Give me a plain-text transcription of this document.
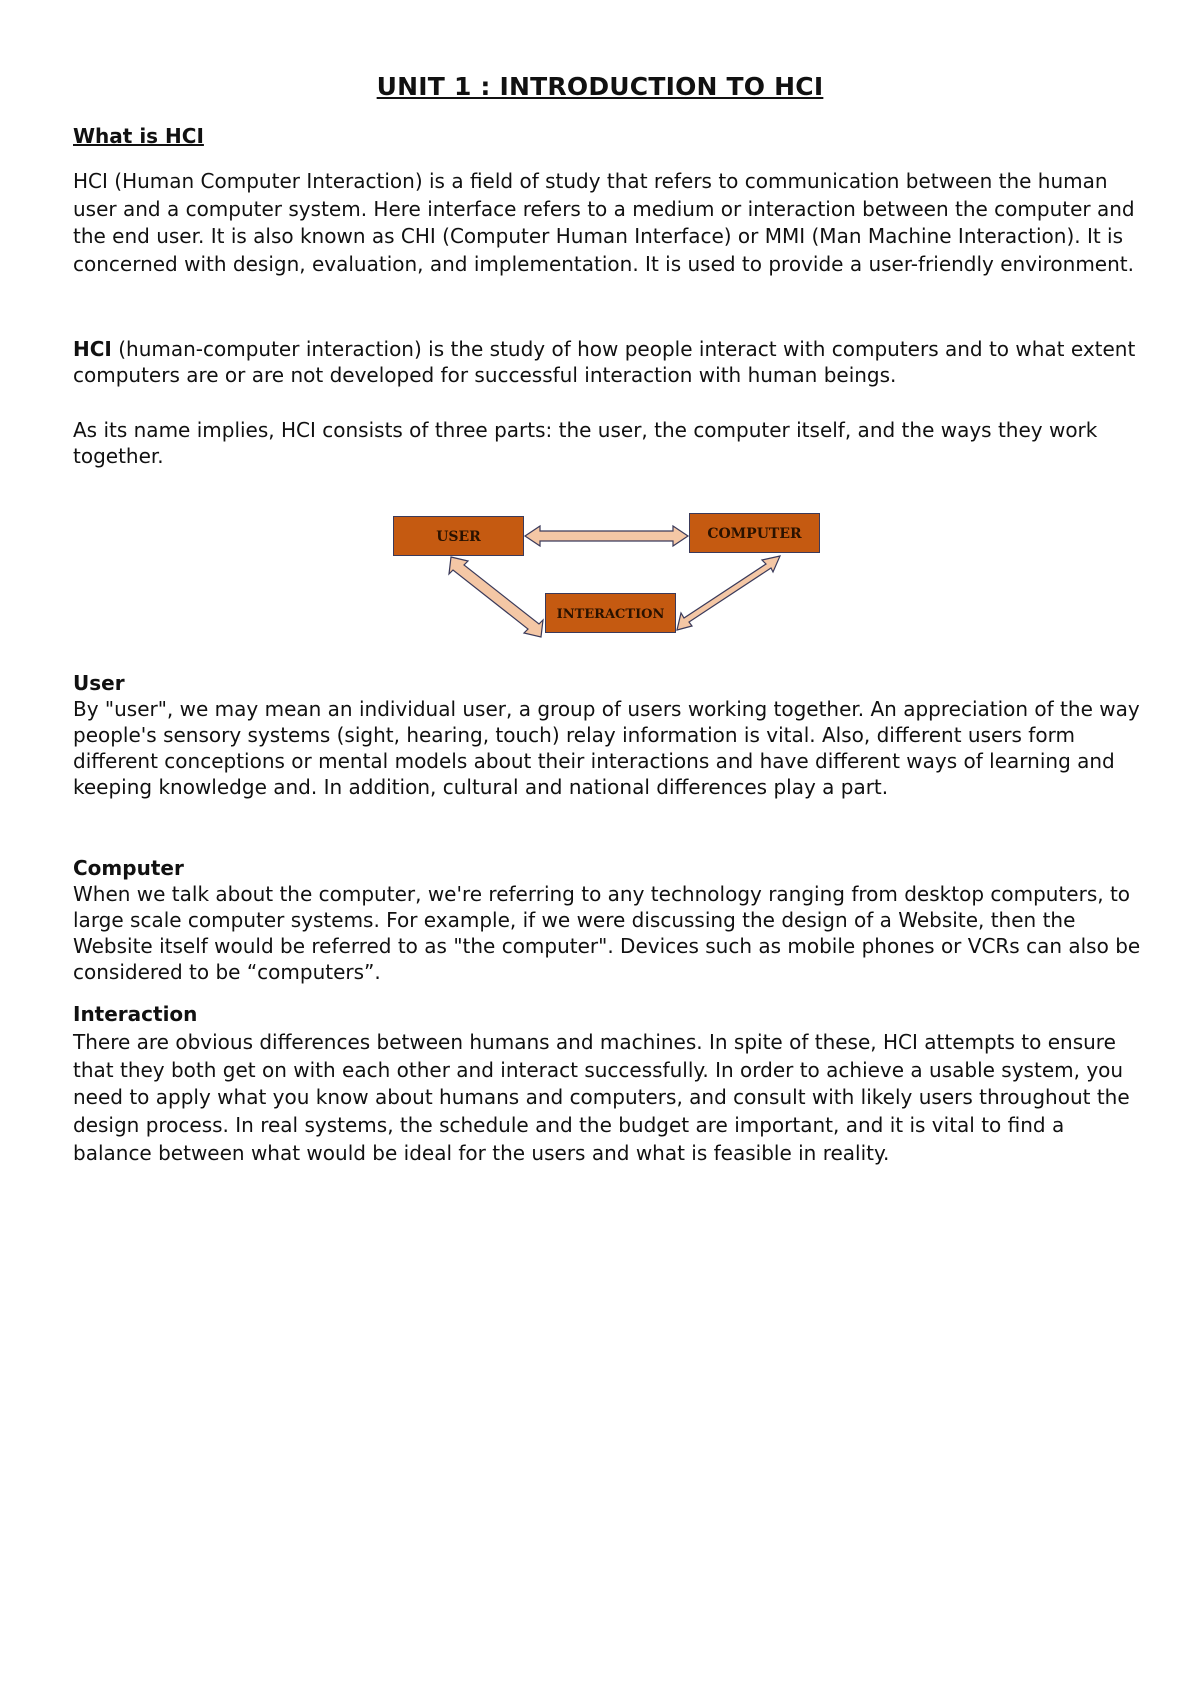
UNIT 1 : INTRODUCTION TO HCI
What is HCI

HCI (Human Computer Interaction) is a field of study that refers to communication between the human user and a computer system. Here interface refers to a medium or interaction between the computer and the end user. It is also known as CHI (Computer Human Interface) or MMI (Man Machine Interaction). It is concerned with design, evaluation, and implementation. It is used to provide a user-friendly environment.

HCI (human-computer interaction) is the study of how people interact with computers and to what extent computers are or are not developed for successful interaction with human beings.

As its name implies, HCI consists of three parts: the user, the computer itself, and the ways they work together.

USER	COMPUTER
INTERACTION
User
By "user", we may mean an individual user, a group of users working together. An appreciation of the way people's sensory systems (sight, hearing, touch) relay information is vital. Also, different users form different conceptions or mental models about their interactions and have different ways of learning and keeping knowledge and. In addition, cultural and national differences play a part.
Computer
When we talk about the computer, we're referring to any technology ranging from desktop computers, to large scale computer systems. For example, if we were discussing the design of a Website, then the Website itself would be referred to as "the computer". Devices such as mobile phones or VCRs can also be considered to be “computers”.
Interaction
There are obvious differences between humans and machines. In spite of these, HCI attempts to ensure that they both get on with each other and interact successfully. In order to achieve a usable system, you need to apply what you know about humans and computers, and consult with likely users throughout the design process. In real systems, the schedule and the budget are important, and it is vital to find a balance between what would be ideal for the users and what is feasible in reality.
